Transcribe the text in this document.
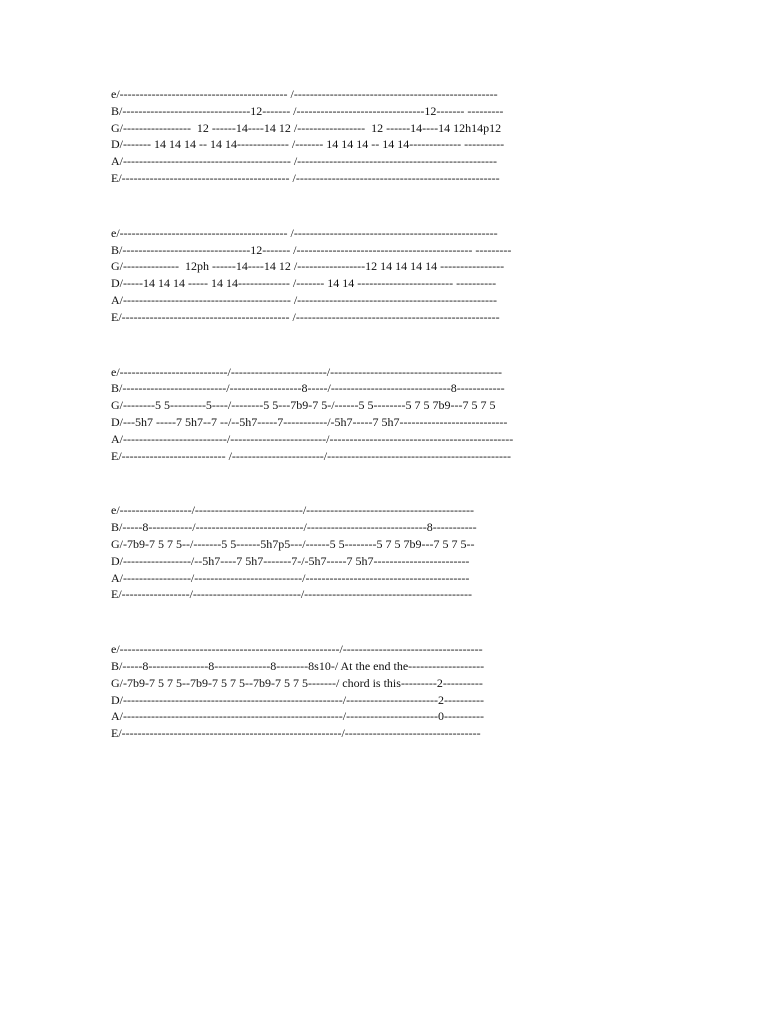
e/------------------------------------------ /---------------------------------------------------
B/--------------------------------12------- /--------------------------------12------- ---------
G/-----------------  12 ------14----14 12 /-----------------  12 ------14----14 12h14p12
D/------- 14 14 14 -- 14 14------------- /------- 14 14 14 -- 14 14------------- ----------
A/------------------------------------------ /--------------------------------------------------
E/------------------------------------------ /---------------------------------------------------
e/------------------------------------------ /---------------------------------------------------
B/--------------------------------12------- /-------------------------------------------- ---------
G/--------------  12ph ------14----14 12 /-----------------12 14 14 14 14 ----------------
D/-----14 14 14 ----- 14 14------------- /------- 14 14 ------------------------ ----------
A/------------------------------------------ /--------------------------------------------------
E/------------------------------------------ /---------------------------------------------------
e/---------------------------/------------------------/-------------------------------------------
B/--------------------------/------------------8-----/------------------------------8------------
G/--------5 5---------5----/--------5 5---7b9-7 5-/------5 5--------5 7 5 7b9---7 5 7 5
D/---5h7 -----7 5h7--7 --/--5h7-----7-----------/-5h7-----7 5h7---------------------------
A/--------------------------/------------------------/----------------------------------------------
E/-------------------------- /-----------------------/----------------------------------------------
e/------------------/---------------------------/------------------------------------------
B/-----8-----------/---------------------------/------------------------------8-----------
G/-7b9-7 5 7 5--/-------5 5------5h7p5---/------5 5--------5 7 5 7b9---7 5 7 5--
D/-----------------/--5h7----7 5h7-------7-/-5h7-----7 5h7------------------------
A/-----------------/---------------------------/-----------------------------------------
E/-----------------/---------------------------/------------------------------------------
e/-------------------------------------------------------/-----------------------------------
B/-----8---------------8--------------8--------8s10-/ At the end the-------------------
G/-7b9-7 5 7 5--7b9-7 5 7 5--7b9-7 5 7 5-------/ chord is this---------2----------
D/-------------------------------------------------------/-----------------------2----------
A/-------------------------------------------------------/-----------------------0----------
E/-------------------------------------------------------/----------------------------------
